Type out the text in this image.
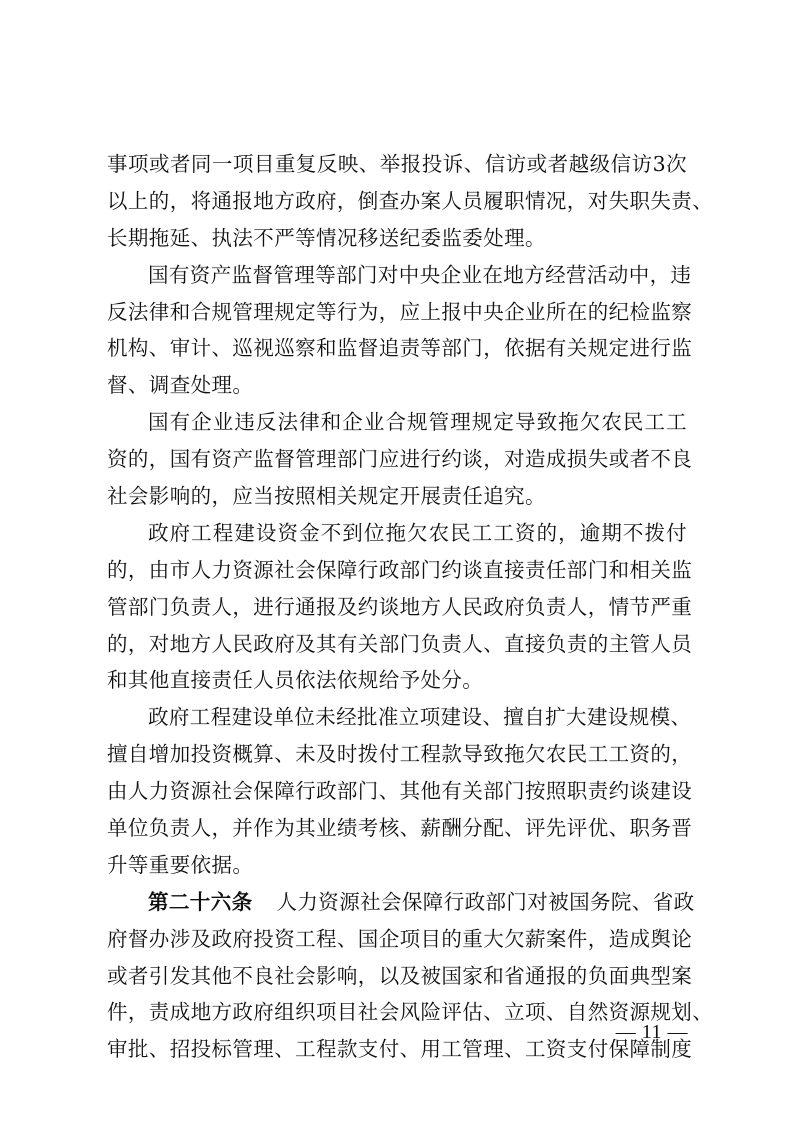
事项或者同一项目重复反映、举报投诉、信访或者越级信访3次
以上的，将通报地方政府，倒查办案人员履职情况，对失职失责、
长期拖延、执法不严等情况移送纪委监委处理。
国有资产监督管理等部门对中央企业在地方经营活动中，违
反法律和合规管理规定等行为，应上报中央企业所在的纪检监察
机构、审计、巡视巡察和监督追责等部门，依据有关规定进行监
督、调查处理。
国有企业违反法律和企业合规管理规定导致拖欠农民工工
资的，国有资产监督管理部门应进行约谈，对造成损失或者不良
社会影响的，应当按照相关规定开展责任追究。
政府工程建设资金不到位拖欠农民工工资的，逾期不拨付
的，由市人力资源社会保障行政部门约谈直接责任部门和相关监
管部门负责人，进行通报及约谈地方人民政府负责人，情节严重
的，对地方人民政府及其有关部门负责人、直接负责的主管人员
和其他直接责任人员依法依规给予处分。
政府工程建设单位未经批准立项建设、擅自扩大建设规模、
擅自增加投资概算、未及时拨付工程款导致拖欠农民工工资的，
由人力资源社会保障行政部门、其他有关部门按照职责约谈建设
单位负责人，并作为其业绩考核、薪酬分配、评先评优、职务晋
升等重要依据。
第二十六条 人力资源社会保障行政部门对被国务院、省政
府督办涉及政府投资工程、国企项目的重大欠薪案件，造成舆论
或者引发其他不良社会影响，以及被国家和省通报的负面典型案
件，责成地方政府组织项目社会风险评估、立项、自然资源规划、
审批、招投标管理、工程款支付、用工管理、工资支付保障制度
— 11 —
